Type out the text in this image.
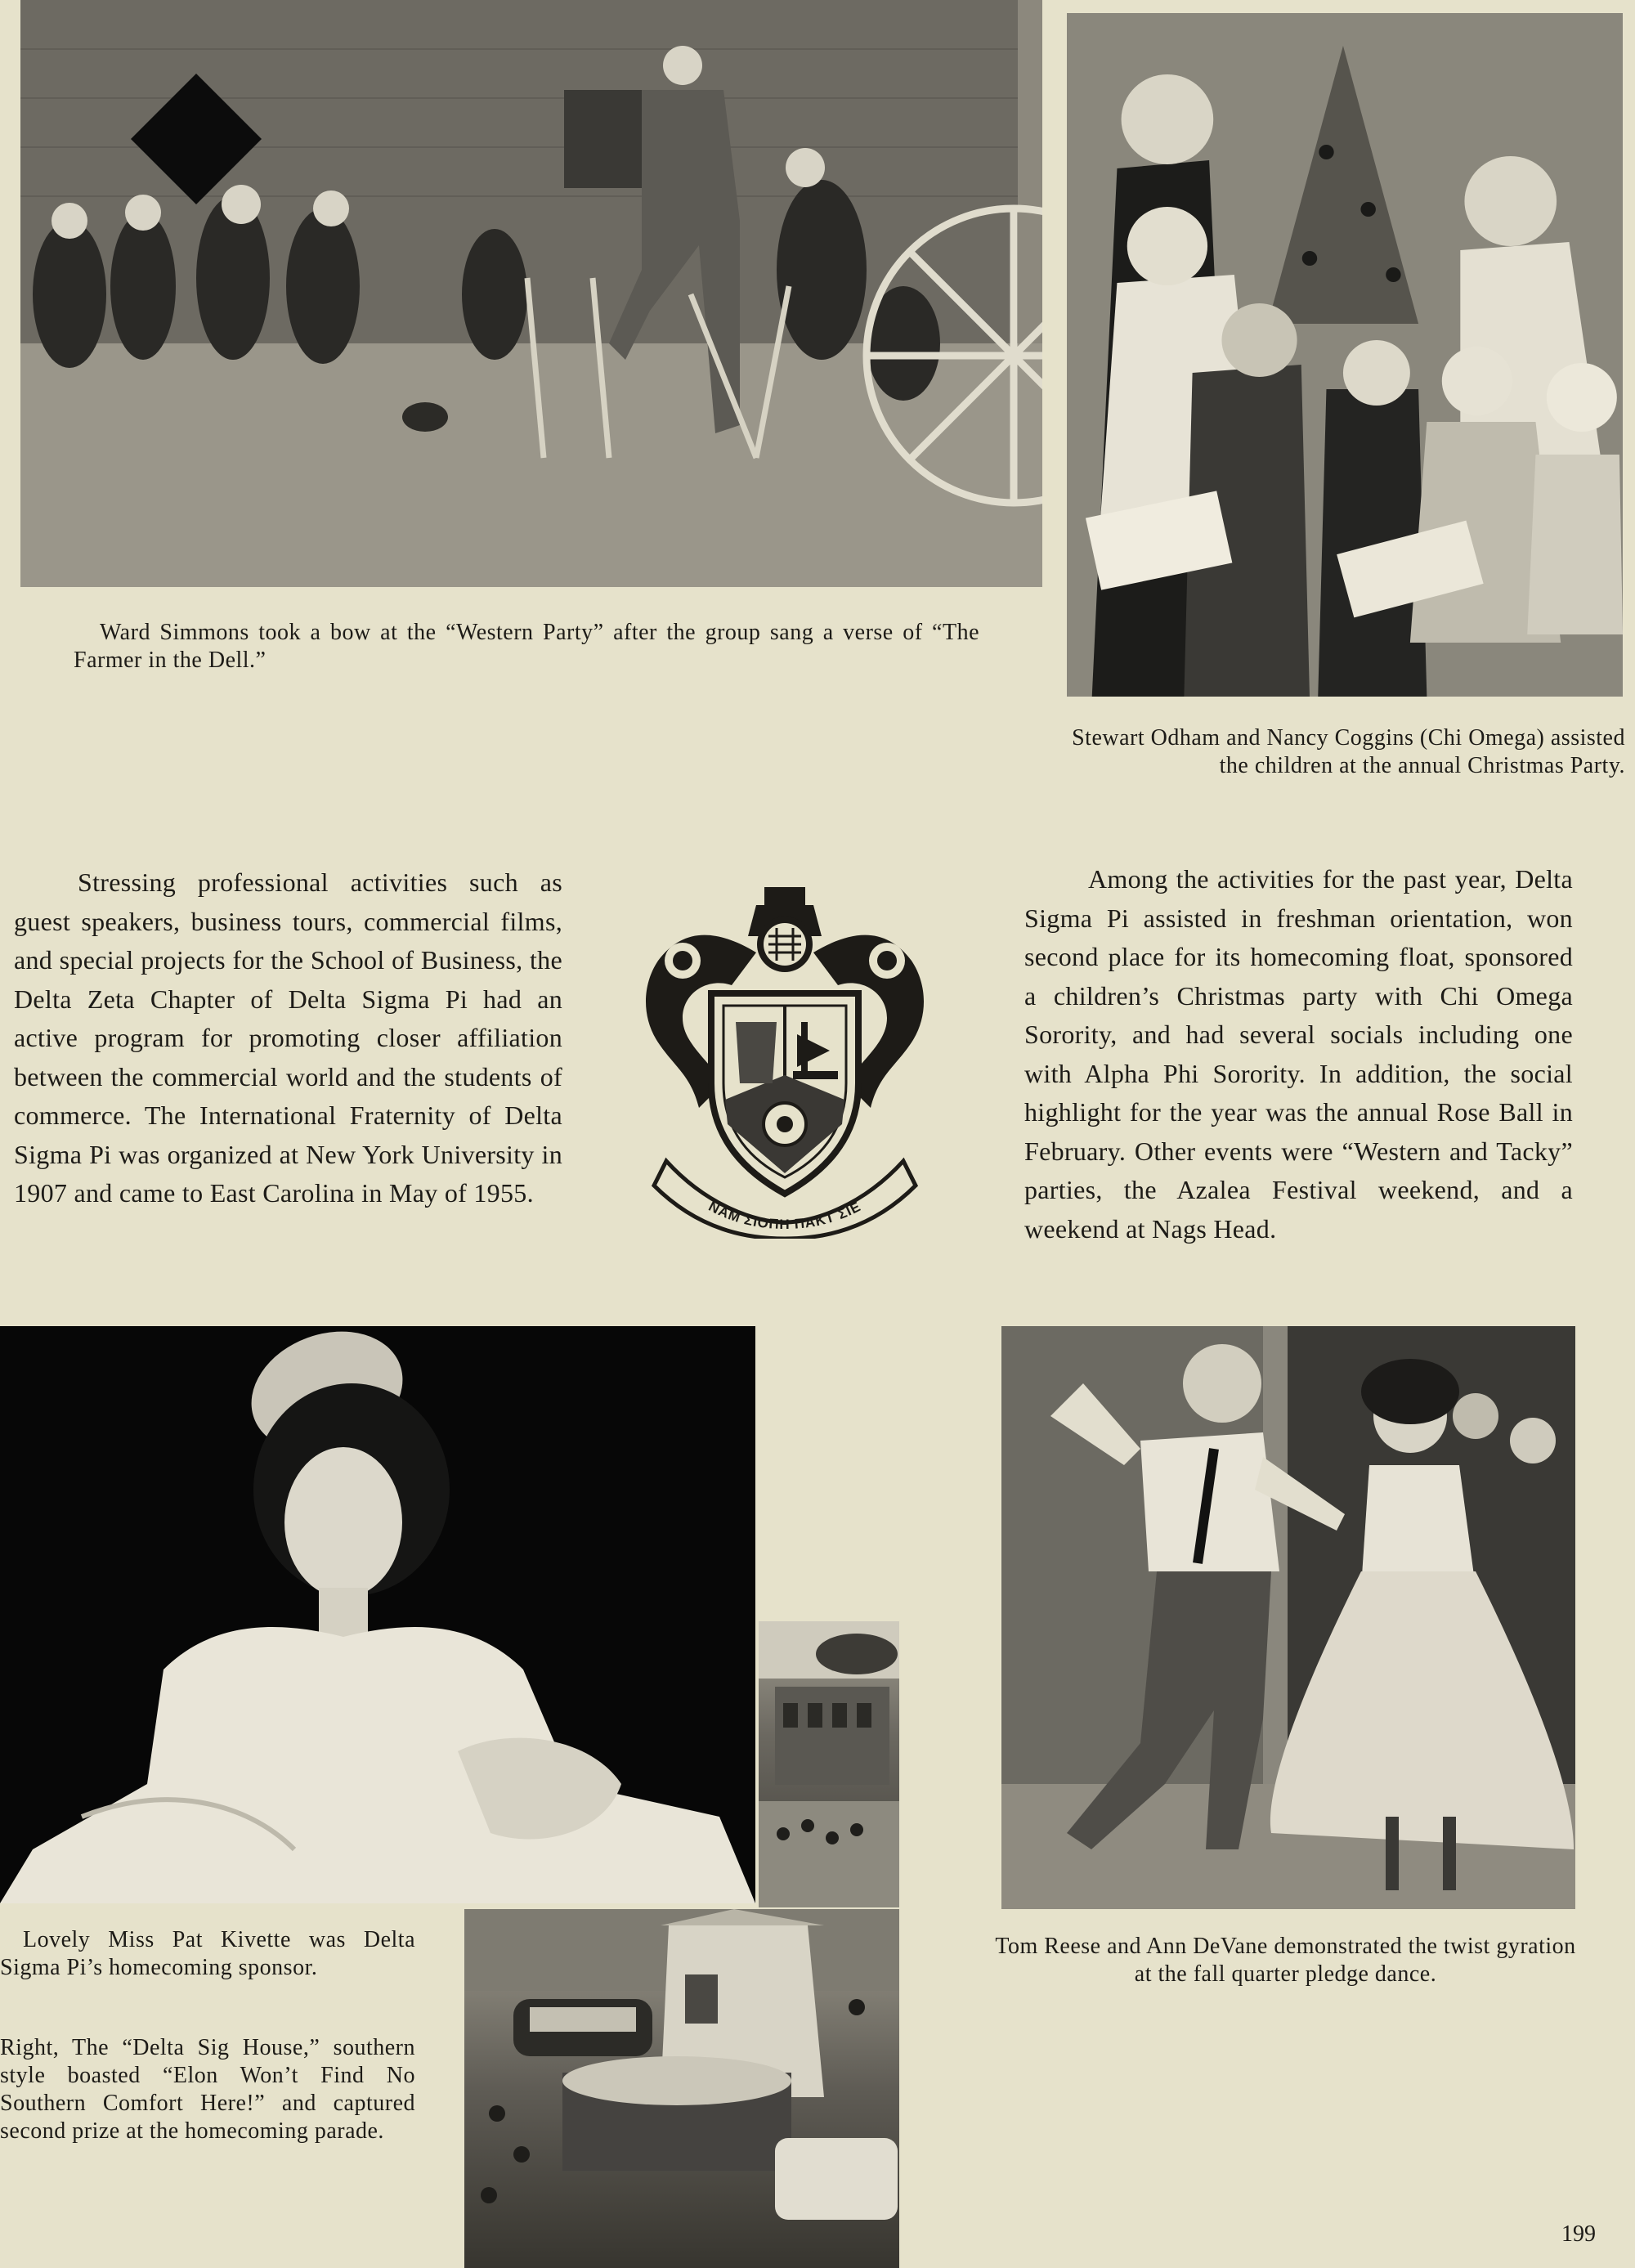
Ward Simmons took a bow at the “Western Party” after the group sang a verse of “The Farmer in the Dell.”

Stewart Odham and Nancy Coggins (Chi Omega) assisted the children at the annual Christmas Party.

Stressing professional activities such as guest speakers, business tours, commercial films, and special projects for the School of Business, the Delta Zeta Chapter of Delta Sigma Pi had an active program for promoting closer affiliation between the commercial world and the students of commerce. The International Fraternity of Delta Sigma Pi was organized at New York University in 1907 and came to East Carolina in May of 1955.

Among the activities for the past year, Delta Sigma Pi assisted in freshman orientation, won second place for its homecoming float, sponsored a children’s Christmas party with Chi Omega Sorority, and had several socials including one with Alpha Phi Sorority. In addition, the social highlight for the year was the annual Rose Ball in February. Other events were “Western and Tacky” parties, the Azalea Festival weekend, and a weekend at Nags Head.

NAM ΣIOΠH ΠAKT ΣIE

Lovely Miss Pat Kivette was Delta Sigma Pi’s homecoming sponsor.

Right, The “Delta Sig House,” southern style boasted “Elon Won’t Find No Southern Comfort Here!” and captured second prize at the homecoming parade.

Tom Reese and Ann DeVane demonstrated the twist gyration at the fall quarter pledge dance.

199
